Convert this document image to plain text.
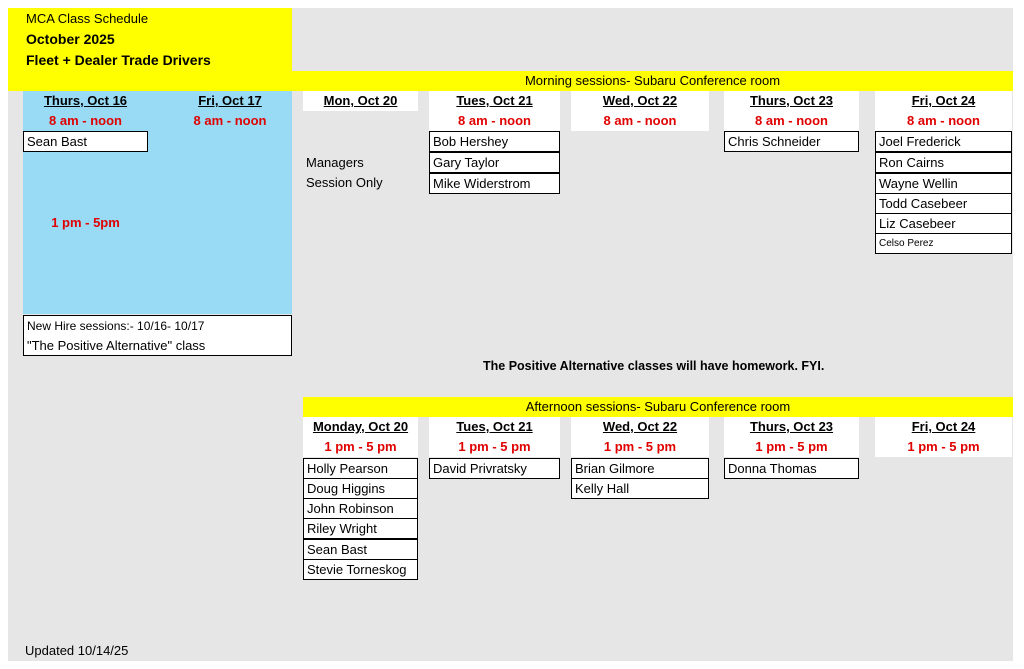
MCA Class Schedule
October 2025
Fleet + Dealer Trade Drivers
Morning sessions- Subaru Conference room
Thurs, Oct 16	Fri, Oct 17
8 am - noon	8 am - noon
Sean Bast
1 pm - 5pm
New Hire sessions:- 10/16- 10/17
"The Positive Alternative" class
Mon, Oct 20
Managers
Session Only
Tues, Oct 21
8 am - noon
Bob Hershey
Gary Taylor
Mike Widerstrom
Wed, Oct 22
8 am - noon
Thurs, Oct 23
8 am - noon
Chris Schneider
Fri, Oct 24
8 am - noon
Joel Frederick
Ron Cairns
Wayne Wellin
Todd Casebeer
Liz Casebeer
Celso Perez
The Positive Alternative classes will have homework. FYI.
Afternoon sessions- Subaru Conference room
Monday, Oct 20
1 pm - 5 pm
Holly Pearson
Doug Higgins
John Robinson
Riley Wright
Sean Bast
Stevie Torneskog
Tues, Oct 21
1 pm - 5 pm
David Privratsky
Wed, Oct 22
1 pm - 5 pm
Brian Gilmore
Kelly Hall
Thurs, Oct 23
1 pm - 5 pm
Donna Thomas
Fri, Oct 24
1 pm - 5 pm
Updated 10/14/25
